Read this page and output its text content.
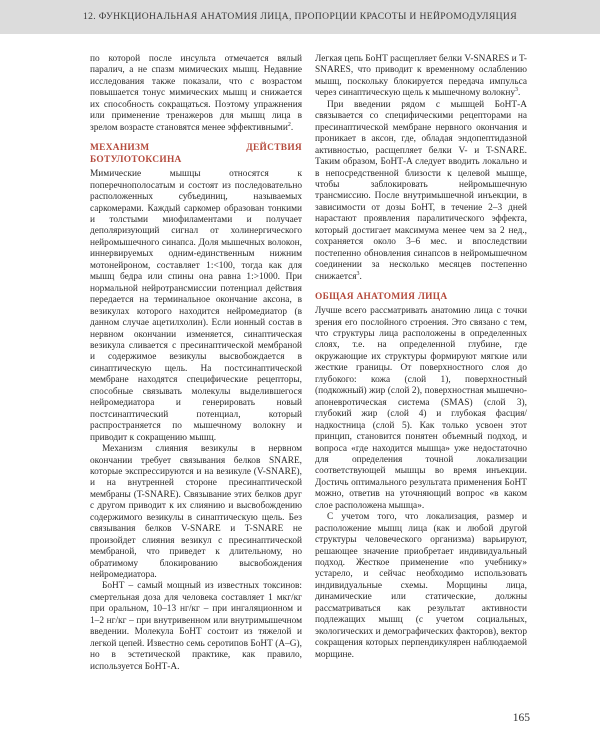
12. ФУНКЦИОНАЛЬНАЯ АНАТОМИЯ ЛИЦА, ПРОПОРЦИИ КРАСОТЫ И НЕЙРОМОДУЛЯЦИЯ

по которой после инсульта отмечается вялый паралич, а не спазм мимических мышц. Недавние исследования также показали, что с возрастом повышается тонус мимических мышц и снижается их способность сокращаться. Поэтому упражнения или применение тренажеров для мышц лица в зрелом возрасте становятся менее эффективными$^2$.

МЕХАНИЗМ ДЕЙСТВИЯ БОТУЛОТОКСИНА

Мимические мышцы относятся к поперечнополосатым и состоят из последовательно расположенных субъединиц, называемых саркомерами. Каждый саркомер образован тонкими и толстыми миофиламентами и получает деполяризующий сигнал от холинергического нейромышечного синапса. Доля мышечных волокон, иннервируемых одним-единственным нижним мотонейроном, составляет 1:<100, тогда как для мышц бедра или спины она равна 1:>1000. При нормальной нейротрансмиссии потенциал действия передается на терминальное окончание аксона, в везикулах которого находится нейромедиатор (в данном случае ацетилхолин). Если ионный состав в нервном окончании изменяется, синаптическая везикула сливается с пресинаптической мембраной и содержимое везикулы высвобождается в синаптическую щель. На постсинаптической мембране находятся специфические рецепторы, способные связывать молекулы выделившегося нейромедиатора и генерировать новый постсинаптический потенциал, который распространяется по мышечному волокну и приводит к сокращению мышц.

Механизм слияния везикулы в нервном окончании требует связывания белков SNARE, которые экспрессируются и на везикуле (V-SNARE), и на внутренней стороне пресинаптической мембраны (T-SNARE). Связывание этих белков друг с другом приводит к их слиянию и высвобождению содержимого везикулы в синаптическую щель. Без связывания белков V-SNARE и T-SNARE не произойдет слияния везикул с пресинаптической мембраной, что приведет к длительному, но обратимому блокированию высвобождения нейромедиатора.

БоНТ – самый мощный из известных токсинов: смертельная доза для человека составляет 1 мкг/кг при оральном, 10–13 нг/кг – при ингаляционном и 1–2 нг/кг – при внутривенном или внутримышечном введении. Молекула БоНТ состоит из тяжелой и легкой цепей. Известно семь серотипов БоНТ (A–G), но в эстетической практике, как правило, используется БоНТ-A.

Легкая цепь БоНТ расщепляет белки V-SNARES и T-SNARES, что приводит к временному ослаблению мышц, поскольку блокируется передача импульса через синаптическую щель к мышечному волокну$^3$.

При введении рядом с мышцей БоНТ-A связывается со специфическими рецепторами на пресинаптической мембране нервного окончания и проникает в аксон, где, обладая эндопептидазной активностью, расщепляет белки V- и T-SNARE. Таким образом, БоНТ-A следует вводить локально и в непосредственной близости к целевой мышце, чтобы заблокировать нейромышечную трансмиссию. После внутримышечной инъекции, в зависимости от дозы БоНТ, в течение 2–3 дней нарастают проявления паралитического эффекта, который достигает максимума менее чем за 2 нед., сохраняется около 3–6 мес. и впоследствии постепенно обновления синапсов в нейромышечном соединении за несколько месяцев постепенно снижается$^3$.

ОБЩАЯ АНАТОМИЯ ЛИЦА

Лучше всего рассматривать анатомию лица с точки зрения его послойного строения. Это связано с тем, что структуры лица расположены в определенных слоях, т.е. на определенной глубине, где окружающие их структуры формируют мягкие или жесткие границы. От поверхностного слоя до глубокого: кожа (слой 1), поверхностный (подкожный) жир (слой 2), поверхностная мышечно-апоневротическая система (SMAS) (слой 3), глубокий жир (слой 4) и глубокая фасция/надкостница (слой 5). Как только усвоен этот принцип, становится понятен объемный подход, и вопроса «где находится мышца» уже недостаточно для определения точной локализации соответствующей мышцы во время инъекции. Достичь оптимального результата применения БоНТ можно, ответив на уточняющий вопрос «в каком слое расположена мышца».

С учетом того, что локализация, размер и расположение мышц лица (как и любой другой структуры человеческого организма) варьируют, решающее значение приобретает индивидуальный подход. Жесткое применение «по учебнику» устарело, и сейчас необходимо использовать индивидуальные схемы. Морщины лица, динамические или статические, должны рассматриваться как результат активности подлежащих мышц (с учетом социальных, экологических и демографических факторов), вектор сокращения которых перпендикулярен наблюдаемой морщине.

165
